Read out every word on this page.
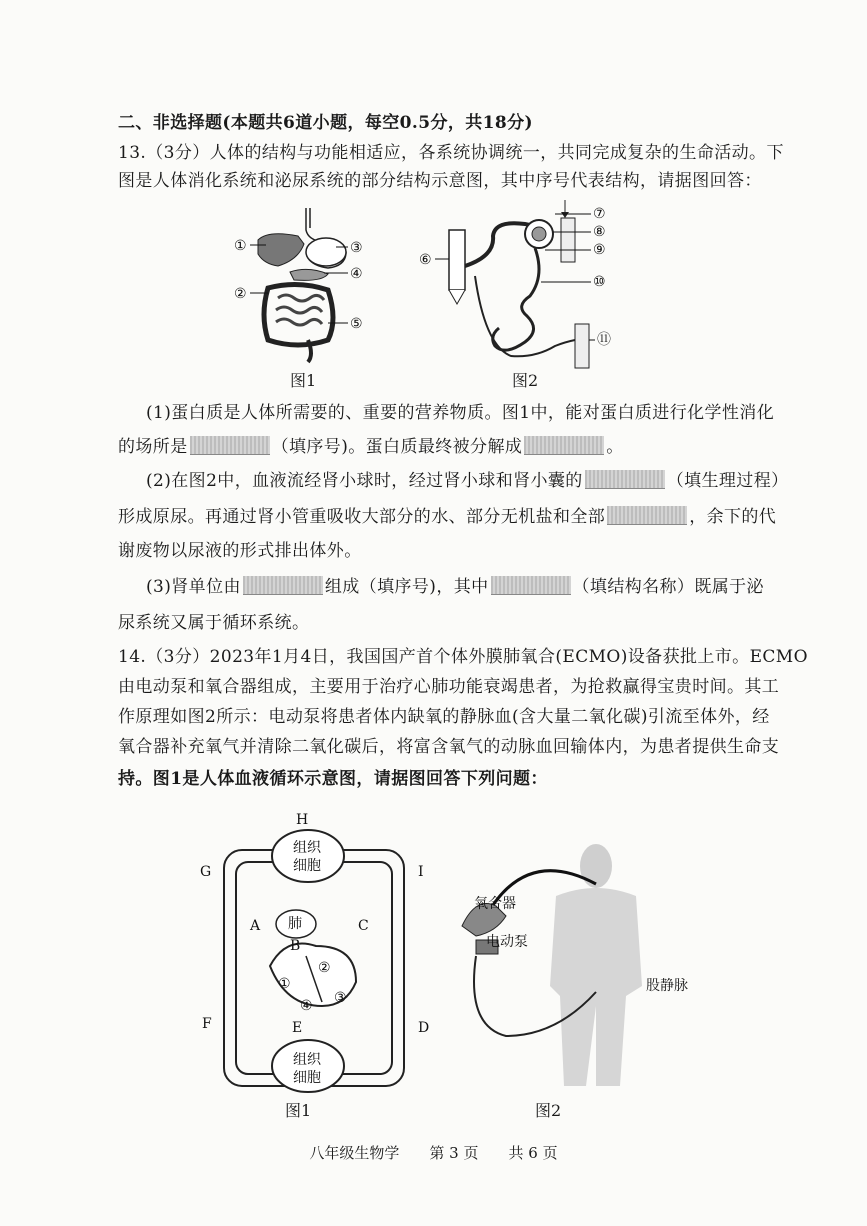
二、非选择题(本题共6道小题，每空0.5分，共18分)
13.（3分）人体的结构与功能相适应，各系统协调统一，共同完成复杂的生命活动。下
图是人体消化系统和泌尿系统的部分结构示意图，其中序号代表结构，请据图回答：
①
②
③
④
⑤
图1
⑥
⑦
⑧
⑨
⑩
⑪
图2
(1)蛋白质是人体所需要的、重要的营养物质。图1中，能对蛋白质进行化学性消化
的场所是	（填序号)。蛋白质最终被分解成	。
(2)在图2中，血液流经肾小球时，经过肾小球和肾小囊的	（填生理过程）
形成原尿。再通过肾小管重吸收大部分的水、部分无机盐和全部	，余下的代
谢废物以尿液的形式排出体外。
(3)肾单位由	组成（填序号)，其中	（填结构名称）既属于泌
尿系统又属于循环系统。
14.（3分）2023年1月4日，我国国产首个体外膜肺氧合(ECMO)设备获批上市。ECMO
由电动泵和氧合器组成，主要用于治疗心肺功能衰竭患者，为抢救赢得宝贵时间。其工
作原理如图2所示：电动泵将患者体内缺氧的静脉血(含大量二氧化碳)引流至体外，经
氧合器补充氧气并清除二氧化碳后，将富含氧气的动脉血回输体内，为患者提供生命支
持。图1是人体血液循环示意图，请据图回答下列问题：
H
G	I
A	C
B
F	E	D
组织
细胞
组织
细胞
肺
①
②
③
④
图1
氧合器
电动泵
股静脉
图2
八年级生物学　　第 3 页　　共 6 页
